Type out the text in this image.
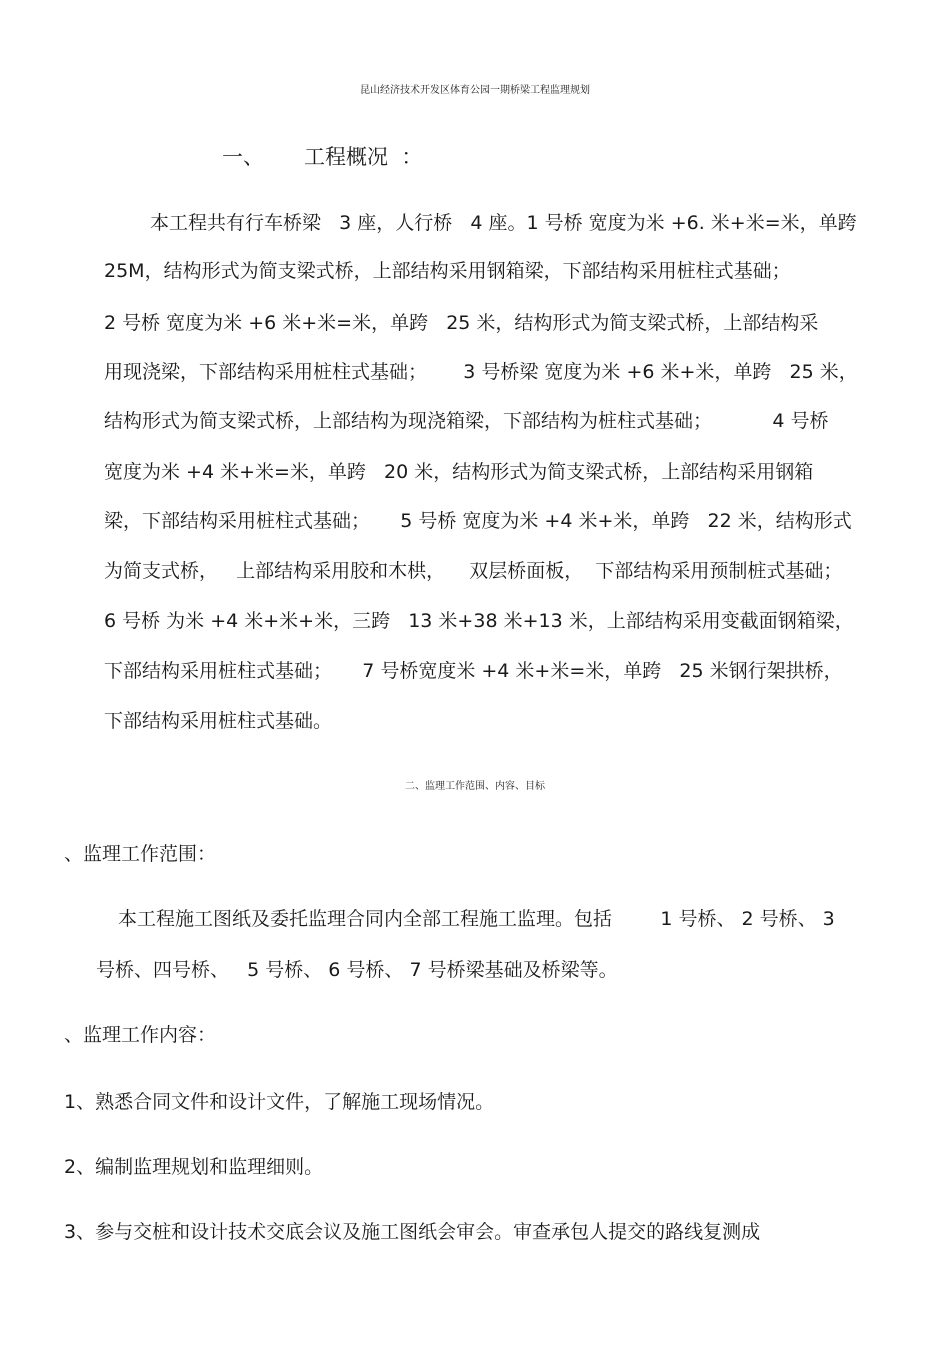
昆山经济技术开发区体育公园一期桥梁工程监理规划
一、      工程概况  ：
本工程共有行车桥梁   3 座，人行桥   4 座。1 号桥 宽度为米 +6. 米+米=米，单跨
25M，结构形式为简支梁式桥，上部结构采用钢箱梁，下部结构采用桩柱式基础；
2 号桥 宽度为米 +6 米+米=米，单跨   25 米，结构形式为简支梁式桥，上部结构采
用现浇梁，下部结构采用桩柱式基础；      3 号桥梁 宽度为米 +6 米+米，单跨   25 米，
结构形式为简支梁式桥，上部结构为现浇箱梁，下部结构为桩柱式基础；          4 号桥
宽度为米 +4 米+米=米，单跨   20 米，结构形式为简支梁式桥，上部结构采用钢箱
梁，下部结构采用桩柱式基础；     5 号桥 宽度为米 +4 米+米，单跨   22 米，结构形式
为简支式桥，   上部结构采用胶和木栱，    双层桥面板，  下部结构采用预制桩式基础；
6 号桥 为米 +4 米+米+米，三跨   13 米+38 米+13 米，上部结构采用变截面钢箱梁，
下部结构采用桩柱式基础；     7 号桥宽度米 +4 米+米=米，单跨   25 米钢行架拱桥，
下部结构采用桩柱式基础。
二、监理工作范围、内容、目标
、监理工作范围：
本工程施工图纸及委托监理合同内全部工程施工监理。包括        1 号桥、 2 号桥、 3
号桥、四号桥、   5 号桥、 6 号桥、 7 号桥梁基础及桥梁等。
、监理工作内容：
1、熟悉合同文件和设计文件，了解施工现场情况。
2、编制监理规划和监理细则。
3、参与交桩和设计技术交底会议及施工图纸会审会。审查承包人提交的路线复测成
